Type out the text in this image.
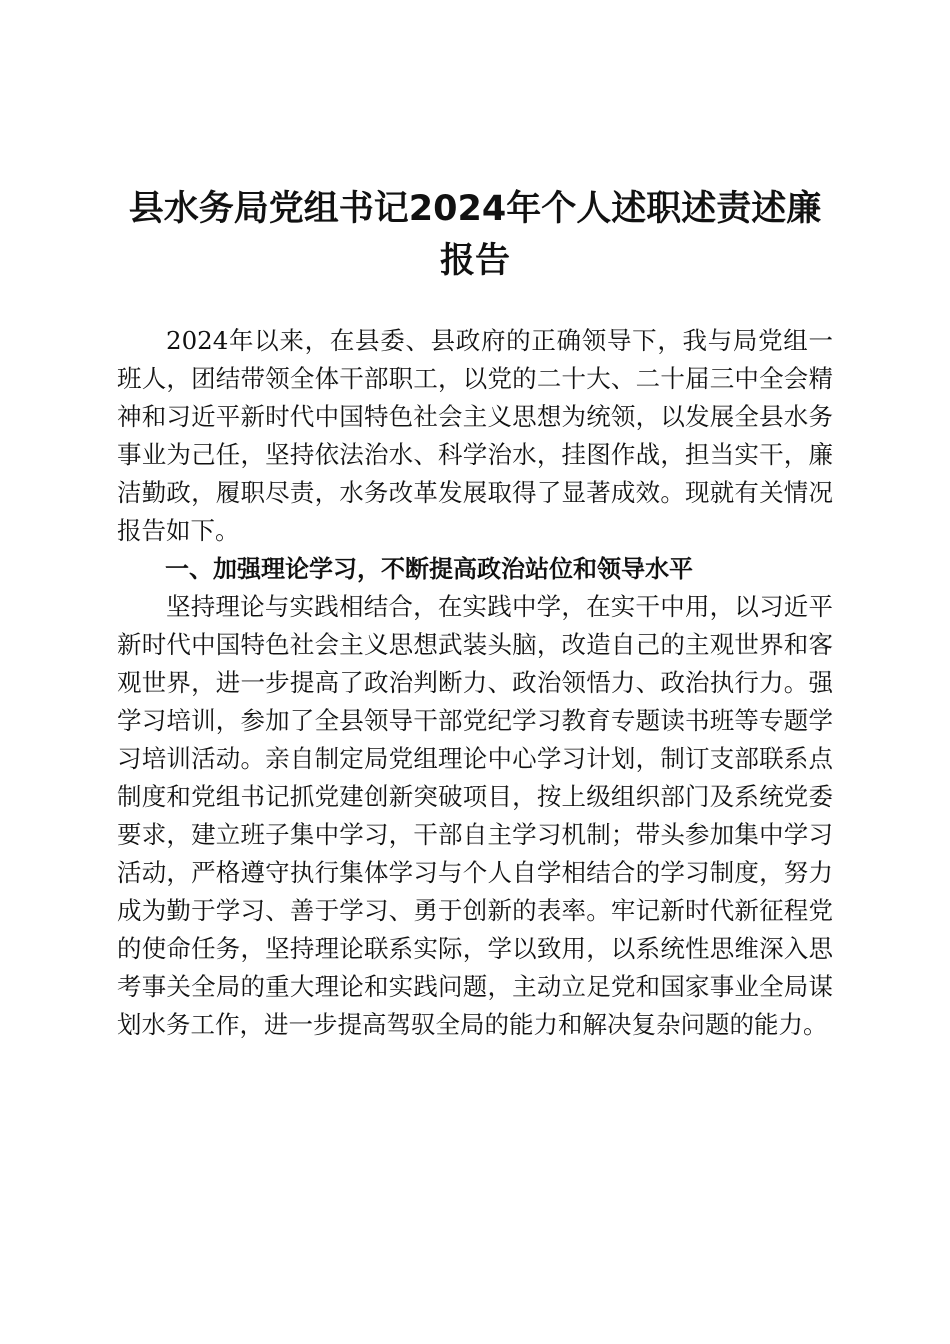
县水务局党组书记2024年个人述职述责述廉
报告

2024年以来，在县委、县政府的正确领导下，我与局党组一班人，团结带领全体干部职工，以党的二十大、二十届三中全会精神和习近平新时代中国特色社会主义思想为统领，以发展全县水务事业为己任，坚持依法治水、科学治水，挂图作战，担当实干，廉洁勤政，履职尽责，水务改革发展取得了显著成效。现就有关情况报告如下。

一、加强理论学习，不断提高政治站位和领导水平

坚持理论与实践相结合，在实践中学，在实干中用，以习近平新时代中国特色社会主义思想武装头脑，改造自己的主观世界和客观世界，进一步提高了政治判断力、政治领悟力、政治执行力。强学习培训，参加了全县领导干部党纪学习教育专题读书班等专题学习培训活动。亲自制定局党组理论中心学习计划，制订支部联系点制度和党组书记抓党建创新突破项目，按上级组织部门及系统党委要求，建立班子集中学习，干部自主学习机制；带头参加集中学习活动，严格遵守执行集体学习与个人自学相结合的学习制度，努力成为勤于学习、善于学习、勇于创新的表率。牢记新时代新征程党的使命任务，坚持理论联系实际，学以致用，以系统性思维深入思考事关全局的重大理论和实践问题，主动立足党和国家事业全局谋划水务工作，进一步提高驾驭全局的能力和解决复杂问题的能力。
